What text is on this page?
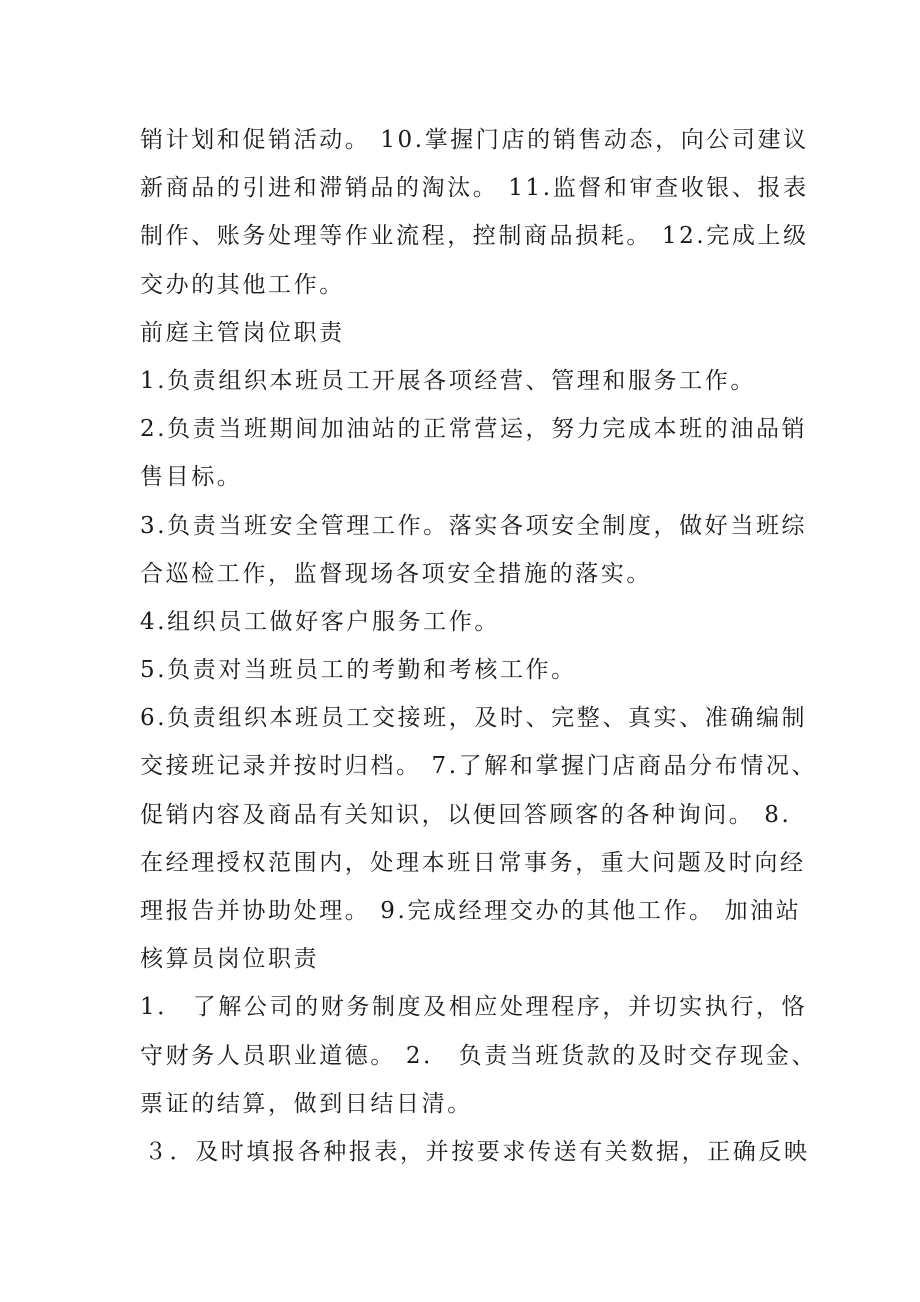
销计划和促销活动。 10.掌握门店的销售动态，向公司建议
新商品的引进和滞销品的淘汰。 11.监督和审查收银、报表
制作、账务处理等作业流程，控制商品损耗。 12.完成上级
交办的其他工作。
前庭主管岗位职责
1.负责组织本班员工开展各项经营、管理和服务工作。
2.负责当班期间加油站的正常营运，努力完成本班的油品销
售目标。
3.负责当班安全管理工作。落实各项安全制度，做好当班综
合巡检工作，监督现场各项安全措施的落实。
4.组织员工做好客户服务工作。
5.负责对当班员工的考勤和考核工作。
6.负责组织本班员工交接班，及时、完整、真实、准确编制
交接班记录并按时归档。 7.了解和掌握门店商品分布情况、
促销内容及商品有关知识，以便回答顾客的各种询问。 8.
在经理授权范围内，处理本班日常事务，重大问题及时向经
理报告并协助处理。 9.完成经理交办的其他工作。 加油站
核算员岗位职责
1． 了解公司的财务制度及相应处理程序，并切实执行，恪
守财务人员职业道德。 2． 负责当班货款的及时交存现金、
票证的结算，做到日结日清。
３．及时填报各种报表，并按要求传送有关数据，正确反映
